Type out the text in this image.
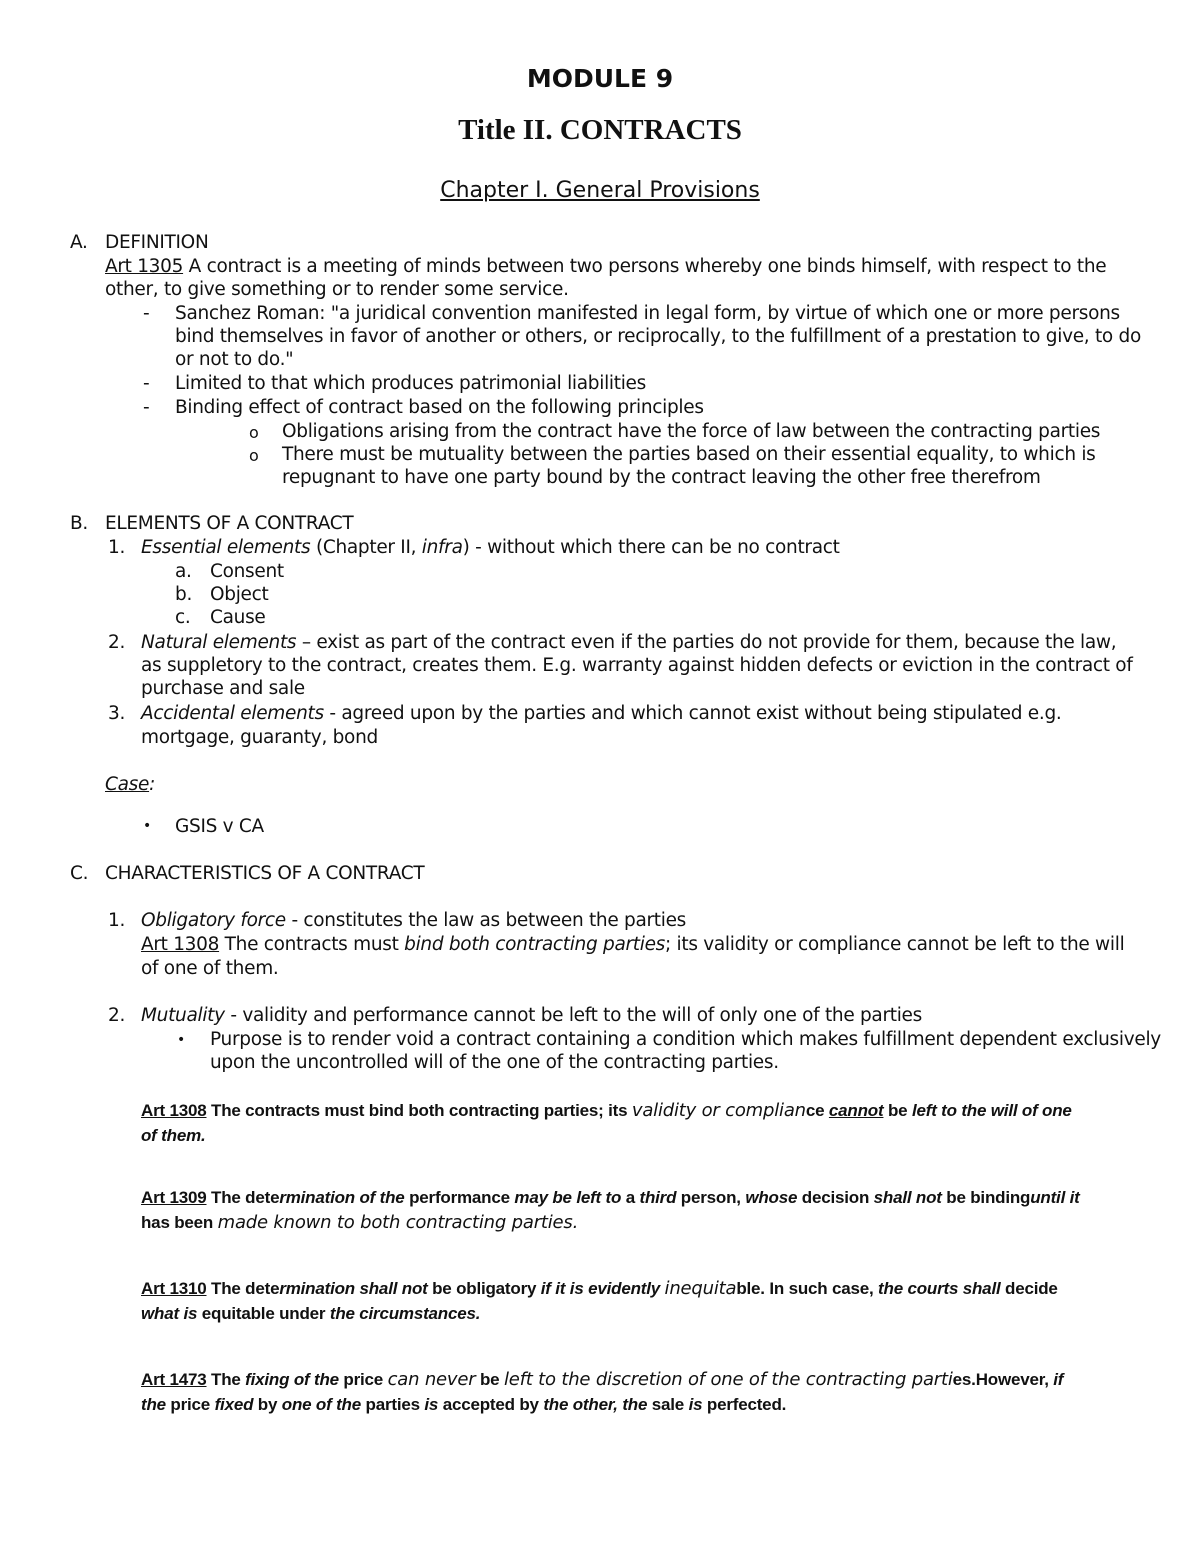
MODULE 9
Title II. CONTRACTS
Chapter I. General Provisions
A. DEFINITION
Art 1305 A contract is a meeting of minds between two persons whereby one binds himself, with respect to the
other, to give something or to render some service.
- Sanchez Roman: "a juridical convention manifested in legal form, by virtue of which one or more persons
bind themselves in favor of another or others, or reciprocally, to the fulfillment of a prestation to give, to do
or not to do."
- Limited to that which produces patrimonial liabilities
- Binding effect of contract based on the following principles
o Obligations arising from the contract have the force of law between the contracting parties
o There must be mutuality between the parties based on their essential equality, to which is
repugnant to have one party bound by the contract leaving the other free therefrom
B. ELEMENTS OF A CONTRACT
1. Essential elements (Chapter II, infra) - without which there can be no contract
a. Consent
b. Object
c. Cause
2. Natural elements – exist as part of the contract even if the parties do not provide for them, because the law,
as suppletory to the contract, creates them. E.g. warranty against hidden defects or eviction in the contract of
purchase and sale
3. Accidental elements - agreed upon by the parties and which cannot exist without being stipulated e.g.
mortgage, guaranty, bond
Case:
• GSIS v CA
C. CHARACTERISTICS OF A CONTRACT
1. Obligatory force - constitutes the law as between the parties
Art 1308 The contracts must bind both contracting parties; its validity or compliance cannot be left to the will
of one of them.
2. Mutuality - validity and performance cannot be left to the will of only one of the parties
• Purpose is to render void a contract containing a condition which makes fulfillment dependent exclusively
upon the uncontrolled will of the one of the contracting parties.
Art 1308 The contracts must bind both contracting parties; its validity or compliance cannot be left to the will of one
of them.
Art 1309 The determination of the performance may be left to a third person, whose decision shall not be bindinguntil it
has been made known to both contracting parties.
Art 1310 The determination shall not be obligatory if it is evidently inequitable. In such case, the courts shall decide
what is equitable under the circumstances.
Art 1473 The fixing of the price can never be left to the discretion of one of the contracting parties.However, if
the price fixed by one of the parties is accepted by the other, the sale is perfected.
